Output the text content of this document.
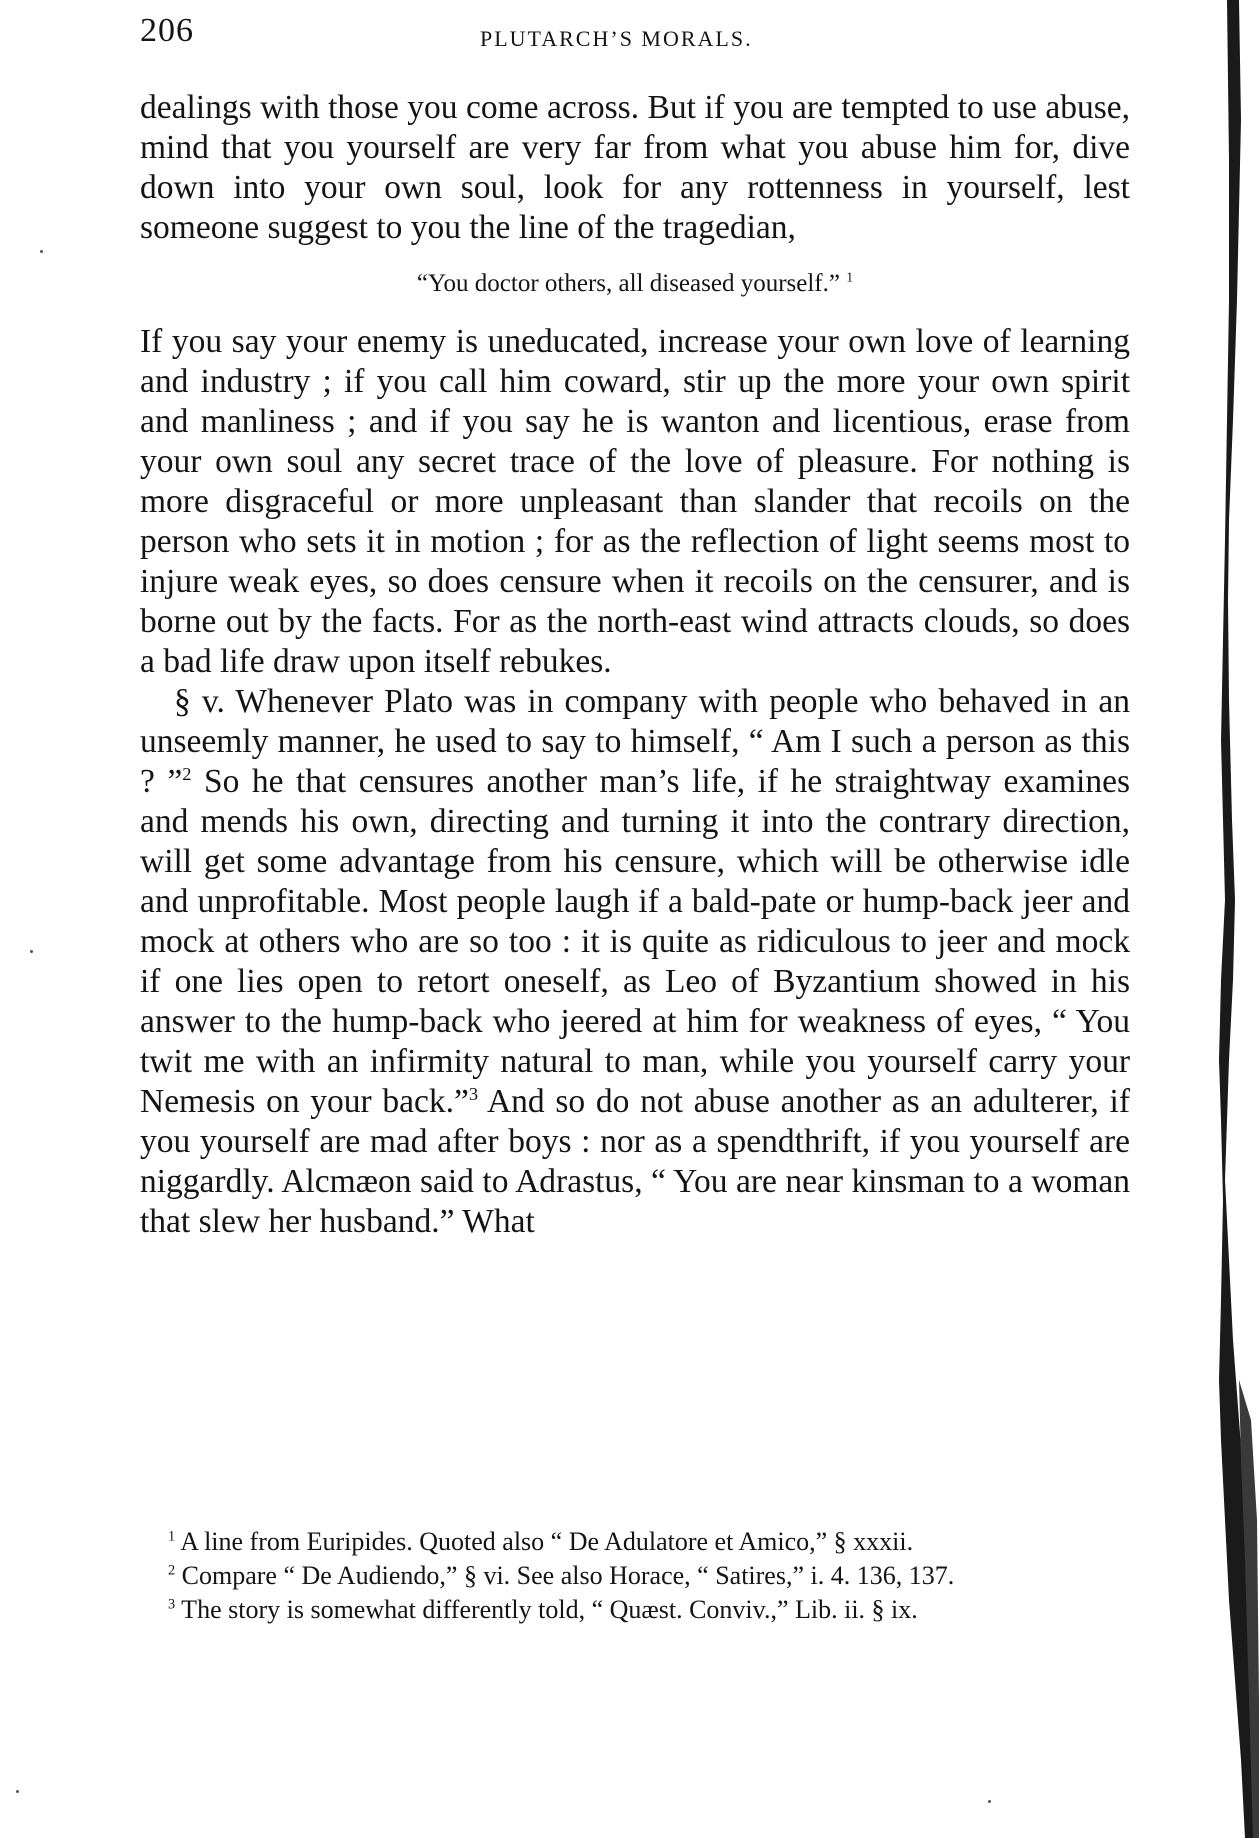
206	PLUTARCH’S MORALS.

dealings with those you come across. But if you are tempted to use abuse, mind that you yourself are very far from what you abuse him for, dive down into your own soul, look for any rottenness in yourself, lest someone suggest to you the line of the tragedian,

“You doctor others, all diseased yourself.” $^1$

If you say your enemy is uneducated, increase your own love of learning and industry ; if you call him coward, stir up the more your own spirit and manliness ; and if you say he is wanton and licentious, erase from your own soul any secret trace of the love of pleasure. For nothing is more disgraceful or more unpleasant than slander that recoils on the person who sets it in motion ; for as the reflection of light seems most to injure weak eyes, so does censure when it recoils on the censurer, and is borne out by the facts. For as the north-east wind attracts clouds, so does a bad life draw upon itself rebukes.

§ v. Whenever Plato was in company with people who behaved in an unseemly manner, he used to say to himself, “ Am I such a person as this ? ”$^2$ So he that censures another man’s life, if he straightway examines and mends his own, directing and turning it into the contrary direction, will get some advantage from his censure, which will be otherwise idle and unprofitable. Most people laugh if a bald-pate or hump-back jeer and mock at others who are so too : it is quite as ridiculous to jeer and mock if one lies open to retort oneself, as Leo of Byzantium showed in his answer to the hump-back who jeered at him for weakness of eyes, “ You twit me with an infirmity natural to man, while you yourself carry your Nemesis on your back.”$^3$ And so do not abuse another as an adulterer, if you yourself are mad after boys : nor as a spendthrift, if you yourself are niggardly. Alcmæon said to Adrastus, “ You are near kinsman to a woman that slew her husband.” What

$^1$ A line from Euripides. Quoted also “ De Adulatore et Amico,” § xxxii.

$^2$ Compare “ De Audiendo,” § vi. See also Horace, “ Satires,” i. 4. 136, 137.

$^3$ The story is somewhat differently told, “ Quæst. Conviv.,” Lib. ii. § ix.
